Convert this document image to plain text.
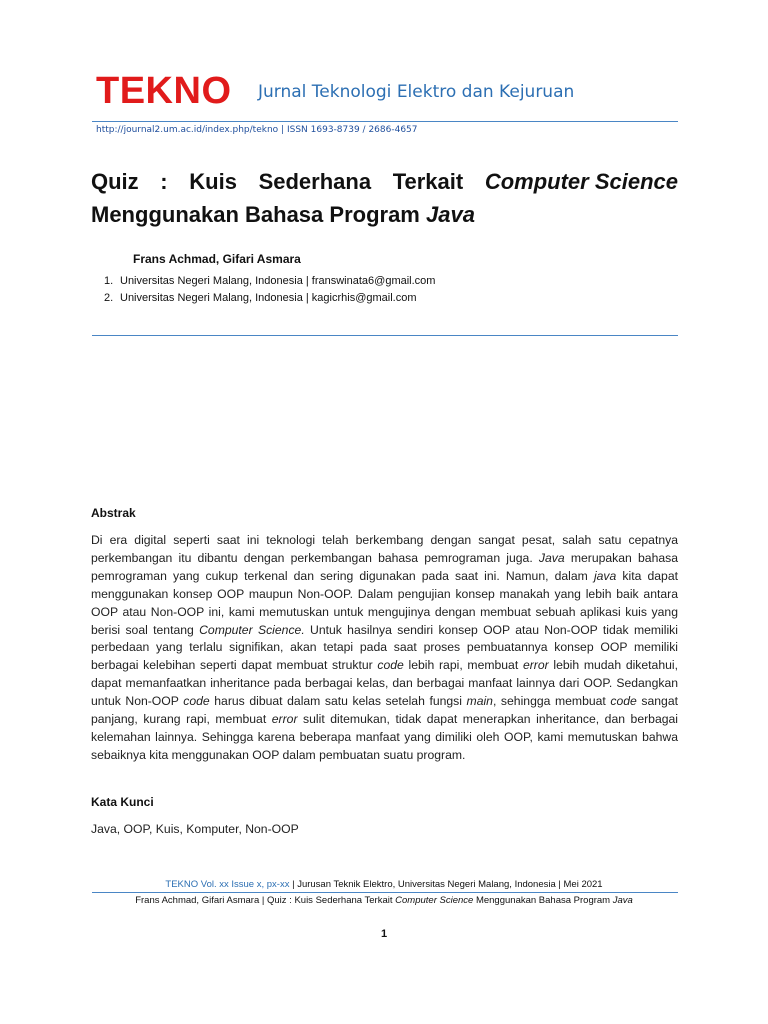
TEKNO Jurnal Teknologi Elektro dan Kejuruan
http://journal2.um.ac.id/index.php/tekno | ISSN 1693-8739 / 2686-4657
Quiz : Kuis Sederhana Terkait Computer Science
Menggunakan Bahasa Program Java
Frans Achmad, Gifari Asmara
1. Universitas Negeri Malang, Indonesia | franswinata6@gmail.com
2. Universitas Negeri Malang, Indonesia | kagicrhis@gmail.com
Abstrak
Di era digital seperti saat ini teknologi telah berkembang dengan sangat pesat, salah satu cepatnya perkembangan itu dibantu dengan perkembangan bahasa pemrograman juga. Java merupakan bahasa pemrograman yang cukup terkenal dan sering digunakan pada saat ini. Namun, dalam java kita dapat menggunakan konsep OOP maupun Non-OOP. Dalam pengujian konsep manakah yang lebih baik antara OOP atau Non-OOP ini, kami memutuskan untuk mengujinya dengan membuat sebuah aplikasi kuis yang berisi soal tentang Computer Science. Untuk hasilnya sendiri konsep OOP atau Non-OOP tidak memiliki perbedaan yang terlalu signifikan, akan tetapi pada saat proses pembuatannya konsep OOP memiliki berbagai kelebihan seperti dapat membuat struktur code lebih rapi, membuat error lebih mudah diketahui, dapat memanfaatkan inheritance pada berbagai kelas, dan berbagai manfaat lainnya dari OOP. Sedangkan untuk Non-OOP code harus dibuat dalam satu kelas setelah fungsi main, sehingga membuat code sangat panjang, kurang rapi, membuat error sulit ditemukan, tidak dapat menerapkan inheritance, dan berbagai kelemahan lainnya. Sehingga karena beberapa manfaat yang dimiliki oleh OOP, kami memutuskan bahwa sebaiknya kita menggunakan OOP dalam pembuatan suatu program.
Kata Kunci
Java, OOP, Kuis, Komputer, Non-OOP
TEKNO Vol. xx Issue x, px-xx | Jurusan Teknik Elektro, Universitas Negeri Malang, Indonesia | Mei 2021
Frans Achmad, Gifari Asmara | Quiz : Kuis Sederhana Terkait Computer Science Menggunakan Bahasa Program Java
1
